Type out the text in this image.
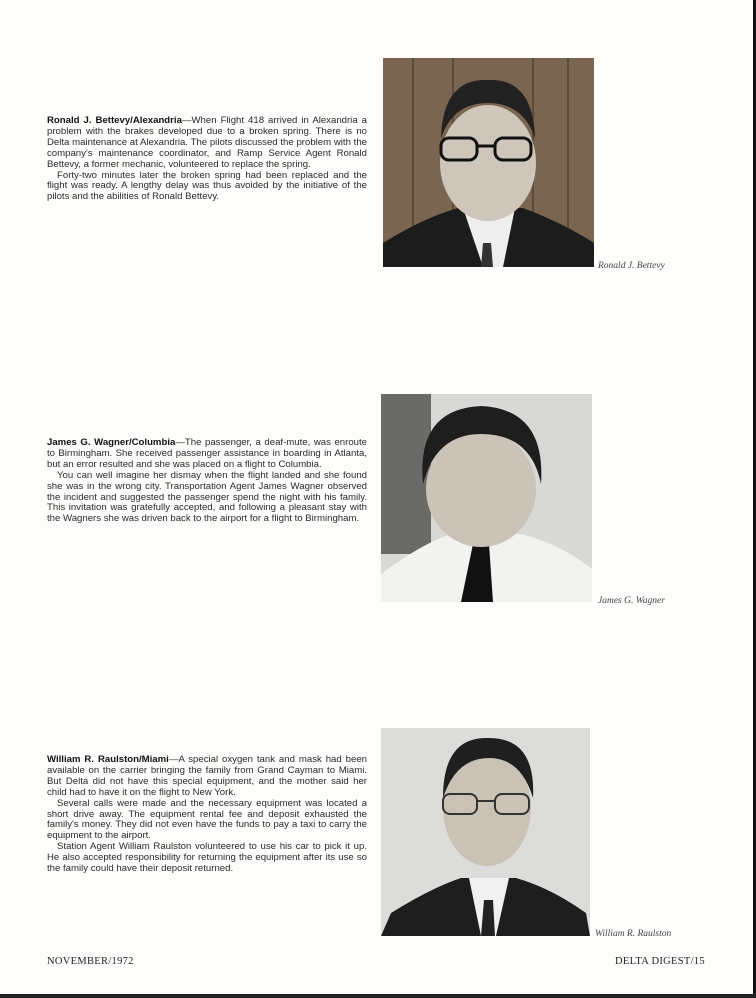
Ronald J. Bettevy/Alexandria—When Flight 418 arrived in Alexandria a problem with the brakes developed due to a broken spring. There is no Delta maintenance at Alexandria. The pilots discussed the problem with the company's maintenance coordinator, and Ramp Service Agent Ronald Bettevy, a former mechanic, volunteered to replace the spring.

Forty-two minutes later the broken spring had been replaced and the flight was ready. A lengthy delay was thus avoided by the initiative of the pilots and the abilities of Ronald Bettevy.

Ronald J. Bettevy

James G. Wagner/Columbia—The passenger, a deaf-mute, was enroute to Birmingham. She received passenger assistance in boarding in Atlanta, but an error resulted and she was placed on a flight to Columbia.

You can well imagine her dismay when the flight landed and she found she was in the wrong city. Transportation Agent James Wagner observed the incident and suggested the passenger spend the night with his family. This invitation was gratefully accepted, and following a pleasant stay with the Wagners she was driven back to the airport for a flight to Birmingham.

James G. Wagner

William R. Raulston/Miami—A special oxygen tank and mask had been available on the carrier bringing the family from Grand Cayman to Miami. But Delta did not have this special equipment, and the mother said her child had to have it on the flight to New York.

Several calls were made and the necessary equipment was located a short drive away. The equipment rental fee and deposit exhausted the family's money. They did not even have the funds to pay a taxi to carry the equipment to the airport.

Station Agent William Raulston volunteered to use his car to pick it up. He also accepted responsibility for returning the equipment after its use so the family could have their deposit returned.

William R. Raulston
NOVEMBER/1972	DELTA DIGEST/15
